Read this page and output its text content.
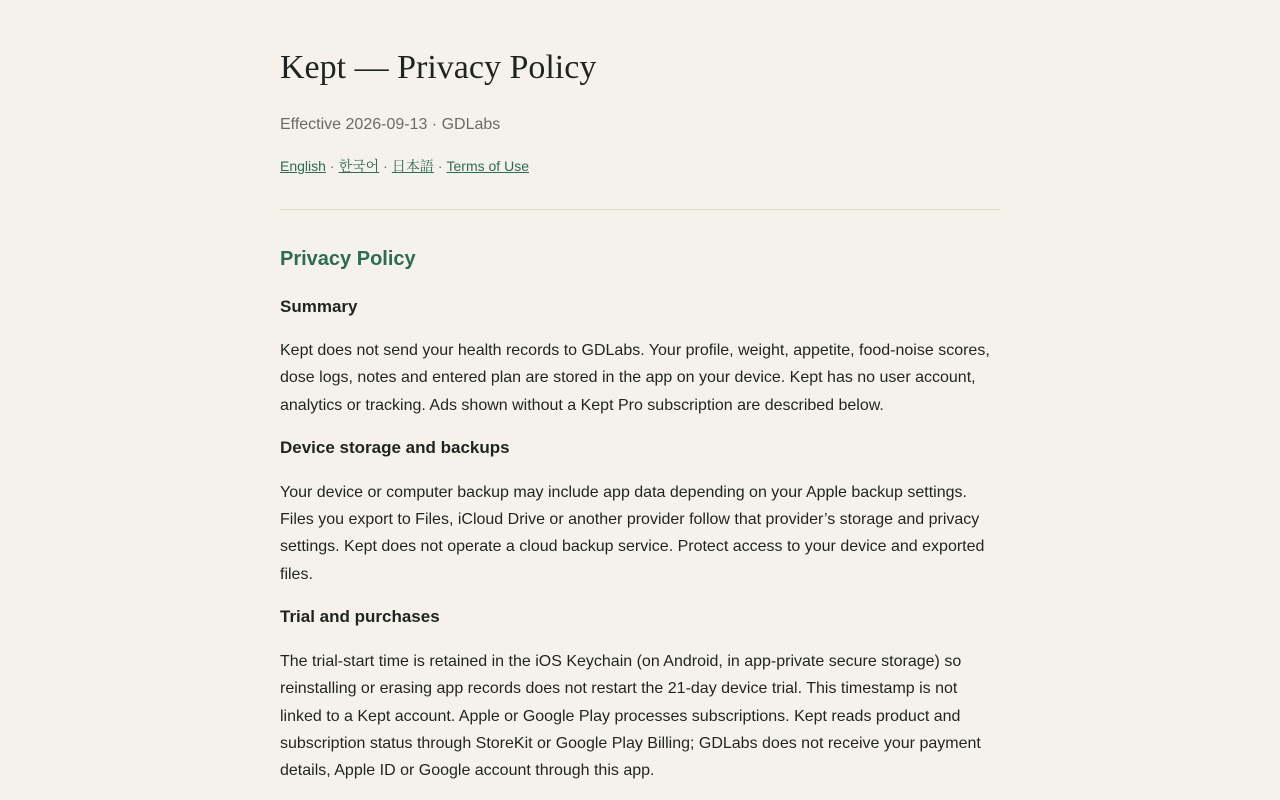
Kept — Privacy Policy
Effective 2026-09-13 · GDLabs
English · 한국어 · 日本語 · Terms of Use
Privacy Policy
Summary

Kept does not send your health records to GDLabs. Your profile, weight, appetite, food-noise scores, dose logs, notes and entered plan are stored in the app on your device. Kept has no user account, analytics or tracking. Ads shown without a Kept Pro subscription are described below.

Device storage and backups

Your device or computer backup may include app data depending on your Apple backup settings. Files you export to Files, iCloud Drive or another provider follow that provider’s storage and privacy settings. Kept does not operate a cloud backup service. Protect access to your device and exported files.

Trial and purchases

The trial-start time is retained in the iOS Keychain (on Android, in app-private secure storage) so reinstalling or erasing app records does not restart the 21-day device trial. This timestamp is not linked to a Kept account. Apple or Google Play processes subscriptions. Kept reads product and subscription status through StoreKit or Google Play Billing; GDLabs does not receive your payment details, Apple ID or Google account through this app.
